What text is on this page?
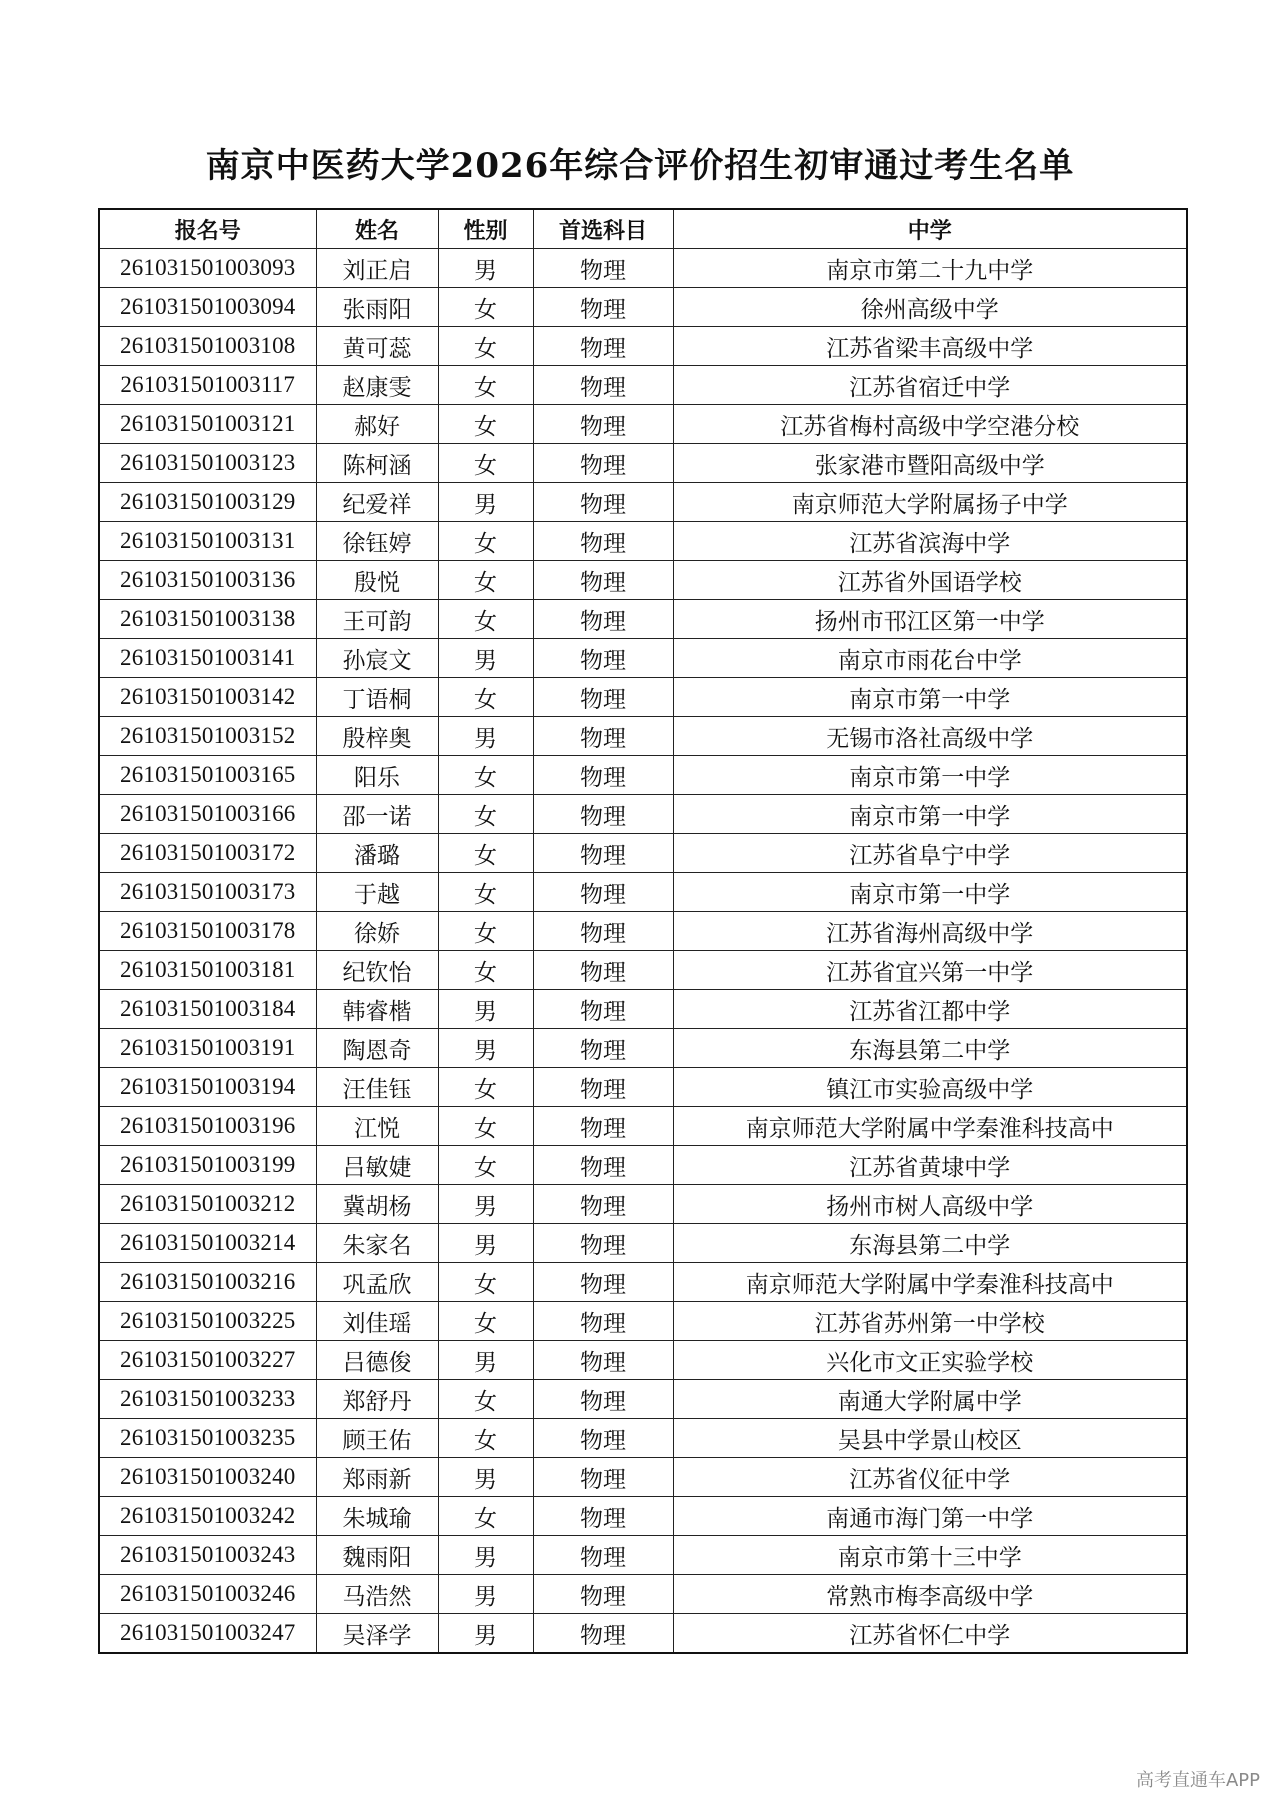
南京中医药大学2026年综合评价招生初审通过考生名单
报名号	姓名	性别	首选科目	中学
261031501003093	刘正启	男	物理	南京市第二十九中学
261031501003094	张雨阳	女	物理	徐州高级中学
261031501003108	黄可蕊	女	物理	江苏省梁丰高级中学
261031501003117	赵康雯	女	物理	江苏省宿迁中学
261031501003121	郝好	女	物理	江苏省梅村高级中学空港分校
261031501003123	陈柯涵	女	物理	张家港市暨阳高级中学
261031501003129	纪爱祥	男	物理	南京师范大学附属扬子中学
261031501003131	徐钰婷	女	物理	江苏省滨海中学
261031501003136	殷悦	女	物理	江苏省外国语学校
261031501003138	王可韵	女	物理	扬州市邗江区第一中学
261031501003141	孙宸文	男	物理	南京市雨花台中学
261031501003142	丁语桐	女	物理	南京市第一中学
261031501003152	殷梓奥	男	物理	无锡市洛社高级中学
261031501003165	阳乐	女	物理	南京市第一中学
261031501003166	邵一诺	女	物理	南京市第一中学
261031501003172	潘璐	女	物理	江苏省阜宁中学
261031501003173	于越	女	物理	南京市第一中学
261031501003178	徐娇	女	物理	江苏省海州高级中学
261031501003181	纪钦怡	女	物理	江苏省宜兴第一中学
261031501003184	韩睿楷	男	物理	江苏省江都中学
261031501003191	陶恩奇	男	物理	东海县第二中学
261031501003194	汪佳钰	女	物理	镇江市实验高级中学
261031501003196	江悦	女	物理	南京师范大学附属中学秦淮科技高中
261031501003199	吕敏婕	女	物理	江苏省黄埭中学
261031501003212	冀胡杨	男	物理	扬州市树人高级中学
261031501003214	朱家名	男	物理	东海县第二中学
261031501003216	巩孟欣	女	物理	南京师范大学附属中学秦淮科技高中
261031501003225	刘佳瑶	女	物理	江苏省苏州第一中学校
261031501003227	吕德俊	男	物理	兴化市文正实验学校
261031501003233	郑舒丹	女	物理	南通大学附属中学
261031501003235	顾王佑	女	物理	吴县中学景山校区
261031501003240	郑雨新	男	物理	江苏省仪征中学
261031501003242	朱城瑜	女	物理	南通市海门第一中学
261031501003243	魏雨阳	男	物理	南京市第十三中学
261031501003246	马浩然	男	物理	常熟市梅李高级中学
261031501003247	吴泽学	男	物理	江苏省怀仁中学
高考直通车APP
